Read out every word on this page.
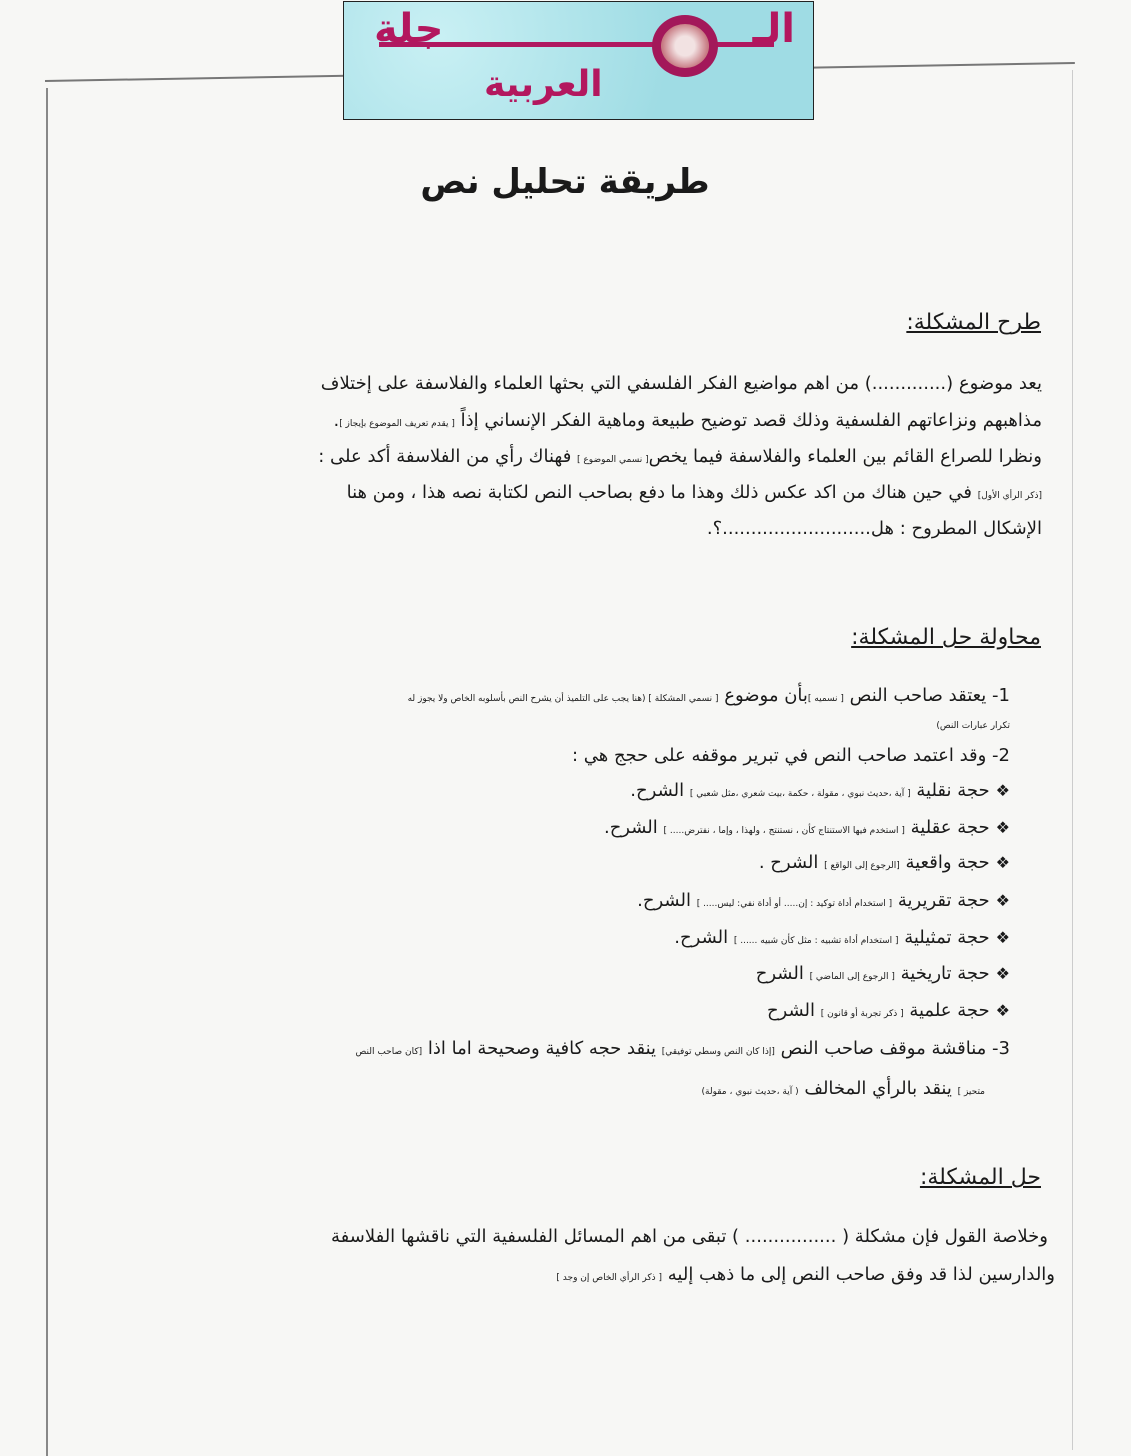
الـ
جلة
العربية
طريقة تحليل نص
طرح المشكلة:
يعد موضوع (.............) من اهم مواضيع الفكر الفلسفي التي بحثها العلماء والفلاسفة على إختلاف
مذاهبهم ونزاعاتهم الفلسفية وذلك قصد توضيح طبيعة وماهية الفكر الإنساني إذاً [ يقدم تعريف الموضوع بإيجاز ].
ونظرا للصراع القائم بين العلماء والفلاسفة فيما يخص[ نسمي الموضوع ] فهناك رأي من الفلاسفة أكد على :
[ذكر الرأي الأول] في حين هناك من اكد عكس ذلك وهذا ما دفع بصاحب النص لكتابة نصه هذا ، ومن هنا
الإشكال المطروح : هل..........................؟.
محاولة حل المشكلة:
1- يعتقد صاحب النص [ نسميه ]بأن موضوع [ نسمي المشكلة ] (هنا يجب على التلميذ أن يشرح النص بأسلوبه الخاص ولا يجوز له
تكرار عبارات النص)
2- وقد اعتمد صاحب النص في تبرير موقفه على حجج هي :
❖حجة نقلية [ آية ،حديث نبوي ، مقولة ، حكمة ،بيت شعري ،مثل شعبي ] الشرح.
❖حجة عقلية [ استخدم فيها الاستنتاج كأن ، نستنتج ، ولهذا ، وإما ، نفترض..... ] الشرح.
❖حجة واقعية [الرجوع إلى الواقع ] الشرح .
❖حجة تقريرية [ استخدام أداة توكيد : إن..... أو أداة نفي: ليس..... ] الشرح.
❖حجة تمثيلية [ استخدام أداة تشبيه : مثل كأن شبيه ...... ] الشرح.
❖حجة تاريخية [ الرجوع إلى الماضي ] الشرح
❖حجة علمية [ ذكر تجربة أو قانون ] الشرح
3- مناقشة موقف صاحب النص [إذا كان النص وسطي توفيقي] ينقد حجه كافية وصحيحة اما اذا [كان صاحب النص
متحيز ] ينقد بالرأي المخالف ( آية ،حديث نبوي ، مقولة)
حل المشكلة:
وخلاصة القول فإن مشكلة ( ................ ) تبقى من اهم المسائل الفلسفية التي ناقشها الفلاسفة
والدارسين لذا قد وفق صاحب النص إلى ما ذهب إليه [ ذكر الرأي الخاص إن وجد ]
